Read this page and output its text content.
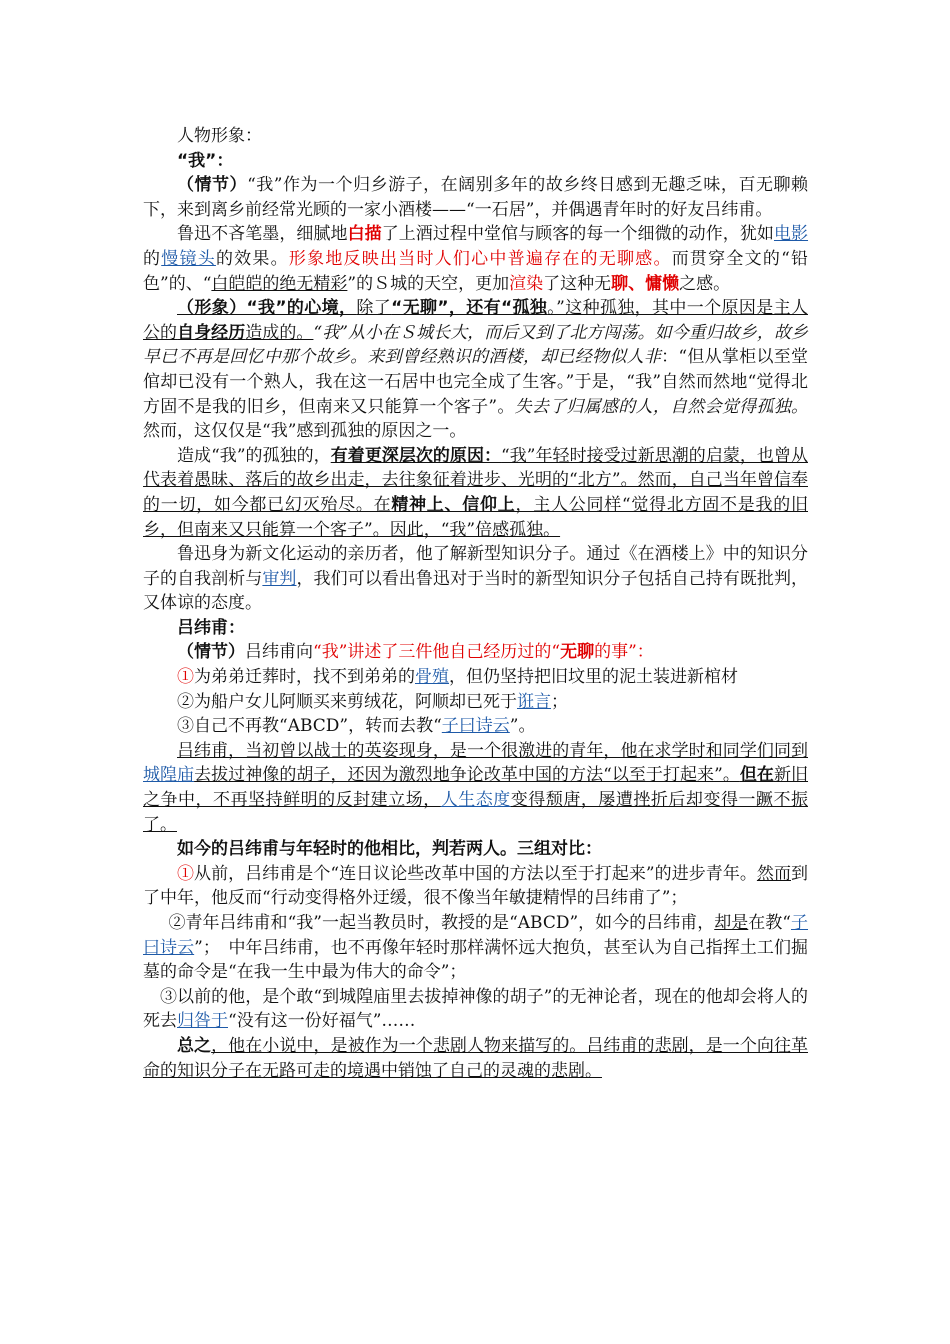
人物形象：

“我”：

（情节）“我”作为一个归乡游子，在阔别多年的故乡终日感到无趣乏味，百无聊赖下，来到离乡前经常光顾的一家小酒楼——“一石居”，并偶遇青年时的好友吕纬甫。

鲁迅不吝笔墨，细腻地白描了上酒过程中堂倌与顾客的每一个细微的动作，犹如电影的慢镜头的效果。形象地反映出当时人们心中普遍存在的无聊感。而贯穿全文的“铅色”的、“白皑皑的绝无精彩”的Ｓ城的天空，更加渲染了这种无聊、慵懒之感。

（形象）“我”的心境，除了“无聊”，还有“孤独。”这种孤独，其中一个原因是主人公的自身经历造成的。“我”从小在Ｓ城长大，而后又到了北方闯荡。如今重归故乡，故乡早已不再是回忆中那个故乡。来到曾经熟识的酒楼，却已经物似人非：“但从掌柜以至堂倌却已没有一个熟人，我在这一石居中也完全成了生客。”于是，“我”自然而然地“觉得北方固不是我的旧乡，但南来又只能算一个客子”。失去了归属感的人，自然会觉得孤独。然而，这仅仅是“我”感到孤独的原因之一。

造成“我”的孤独的，有着更深层次的原因：“我”年轻时接受过新思潮的启蒙，也曾从代表着愚昧、落后的故乡出走，去往象征着进步、光明的“北方”。然而，自己当年曾信奉的一切，如今都已幻灭殆尽。在精神上、信仰上，主人公同样“觉得北方固不是我的旧乡，但南来又只能算一个客子”。因此，“我”倍感孤独。

鲁迅身为新文化运动的亲历者，他了解新型知识分子。通过《在酒楼上》中的知识分子的自我剖析与审判，我们可以看出鲁迅对于当时的新型知识分子包括自己持有既批判，又体谅的态度。

吕纬甫：

（情节）吕纬甫向“我”讲述了三件他自己经历过的“无聊的事”：

①为弟弟迁葬时，找不到弟弟的骨殖，但仍坚持把旧坟里的泥土装进新棺材

②为船户女儿阿顺买来剪绒花，阿顺却已死于诳言；

③自己不再教“ABCD”，转而去教“子曰诗云”。

吕纬甫，当初曾以战士的英姿现身，是一个很激进的青年，他在求学时和同学们同到城隍庙去拔过神像的胡子，还因为激烈地争论改革中国的方法“以至于打起来”。但在新旧之争中，不再坚持鲜明的反封建立场，人生态度变得颓唐，屡遭挫折后却变得一蹶不振了。

如今的吕纬甫与年轻时的他相比，判若两人。三组对比：

①从前，吕纬甫是个“连日议论些改革中国的方法以至于打起来”的进步青年。然而到了中年，他反而“行动变得格外迂缓，很不像当年敏捷精悍的吕纬甫了”；

②青年吕纬甫和“我”一起当教员时，教授的是“ABCD”，如今的吕纬甫，却是在教“子曰诗云”；　中年吕纬甫，也不再像年轻时那样满怀远大抱负，甚至认为自己指挥土工们掘墓的命令是“在我一生中最为伟大的命令”；

③以前的他，是个敢“到城隍庙里去拔掉神像的胡子”的无神论者，现在的他却会将人的死去归咎于“没有这一份好福气”……

总之，他在小说中，是被作为一个悲剧人物来描写的。吕纬甫的悲剧，是一个向往革命的知识分子在无路可走的境遇中销蚀了自己的灵魂的悲剧。
